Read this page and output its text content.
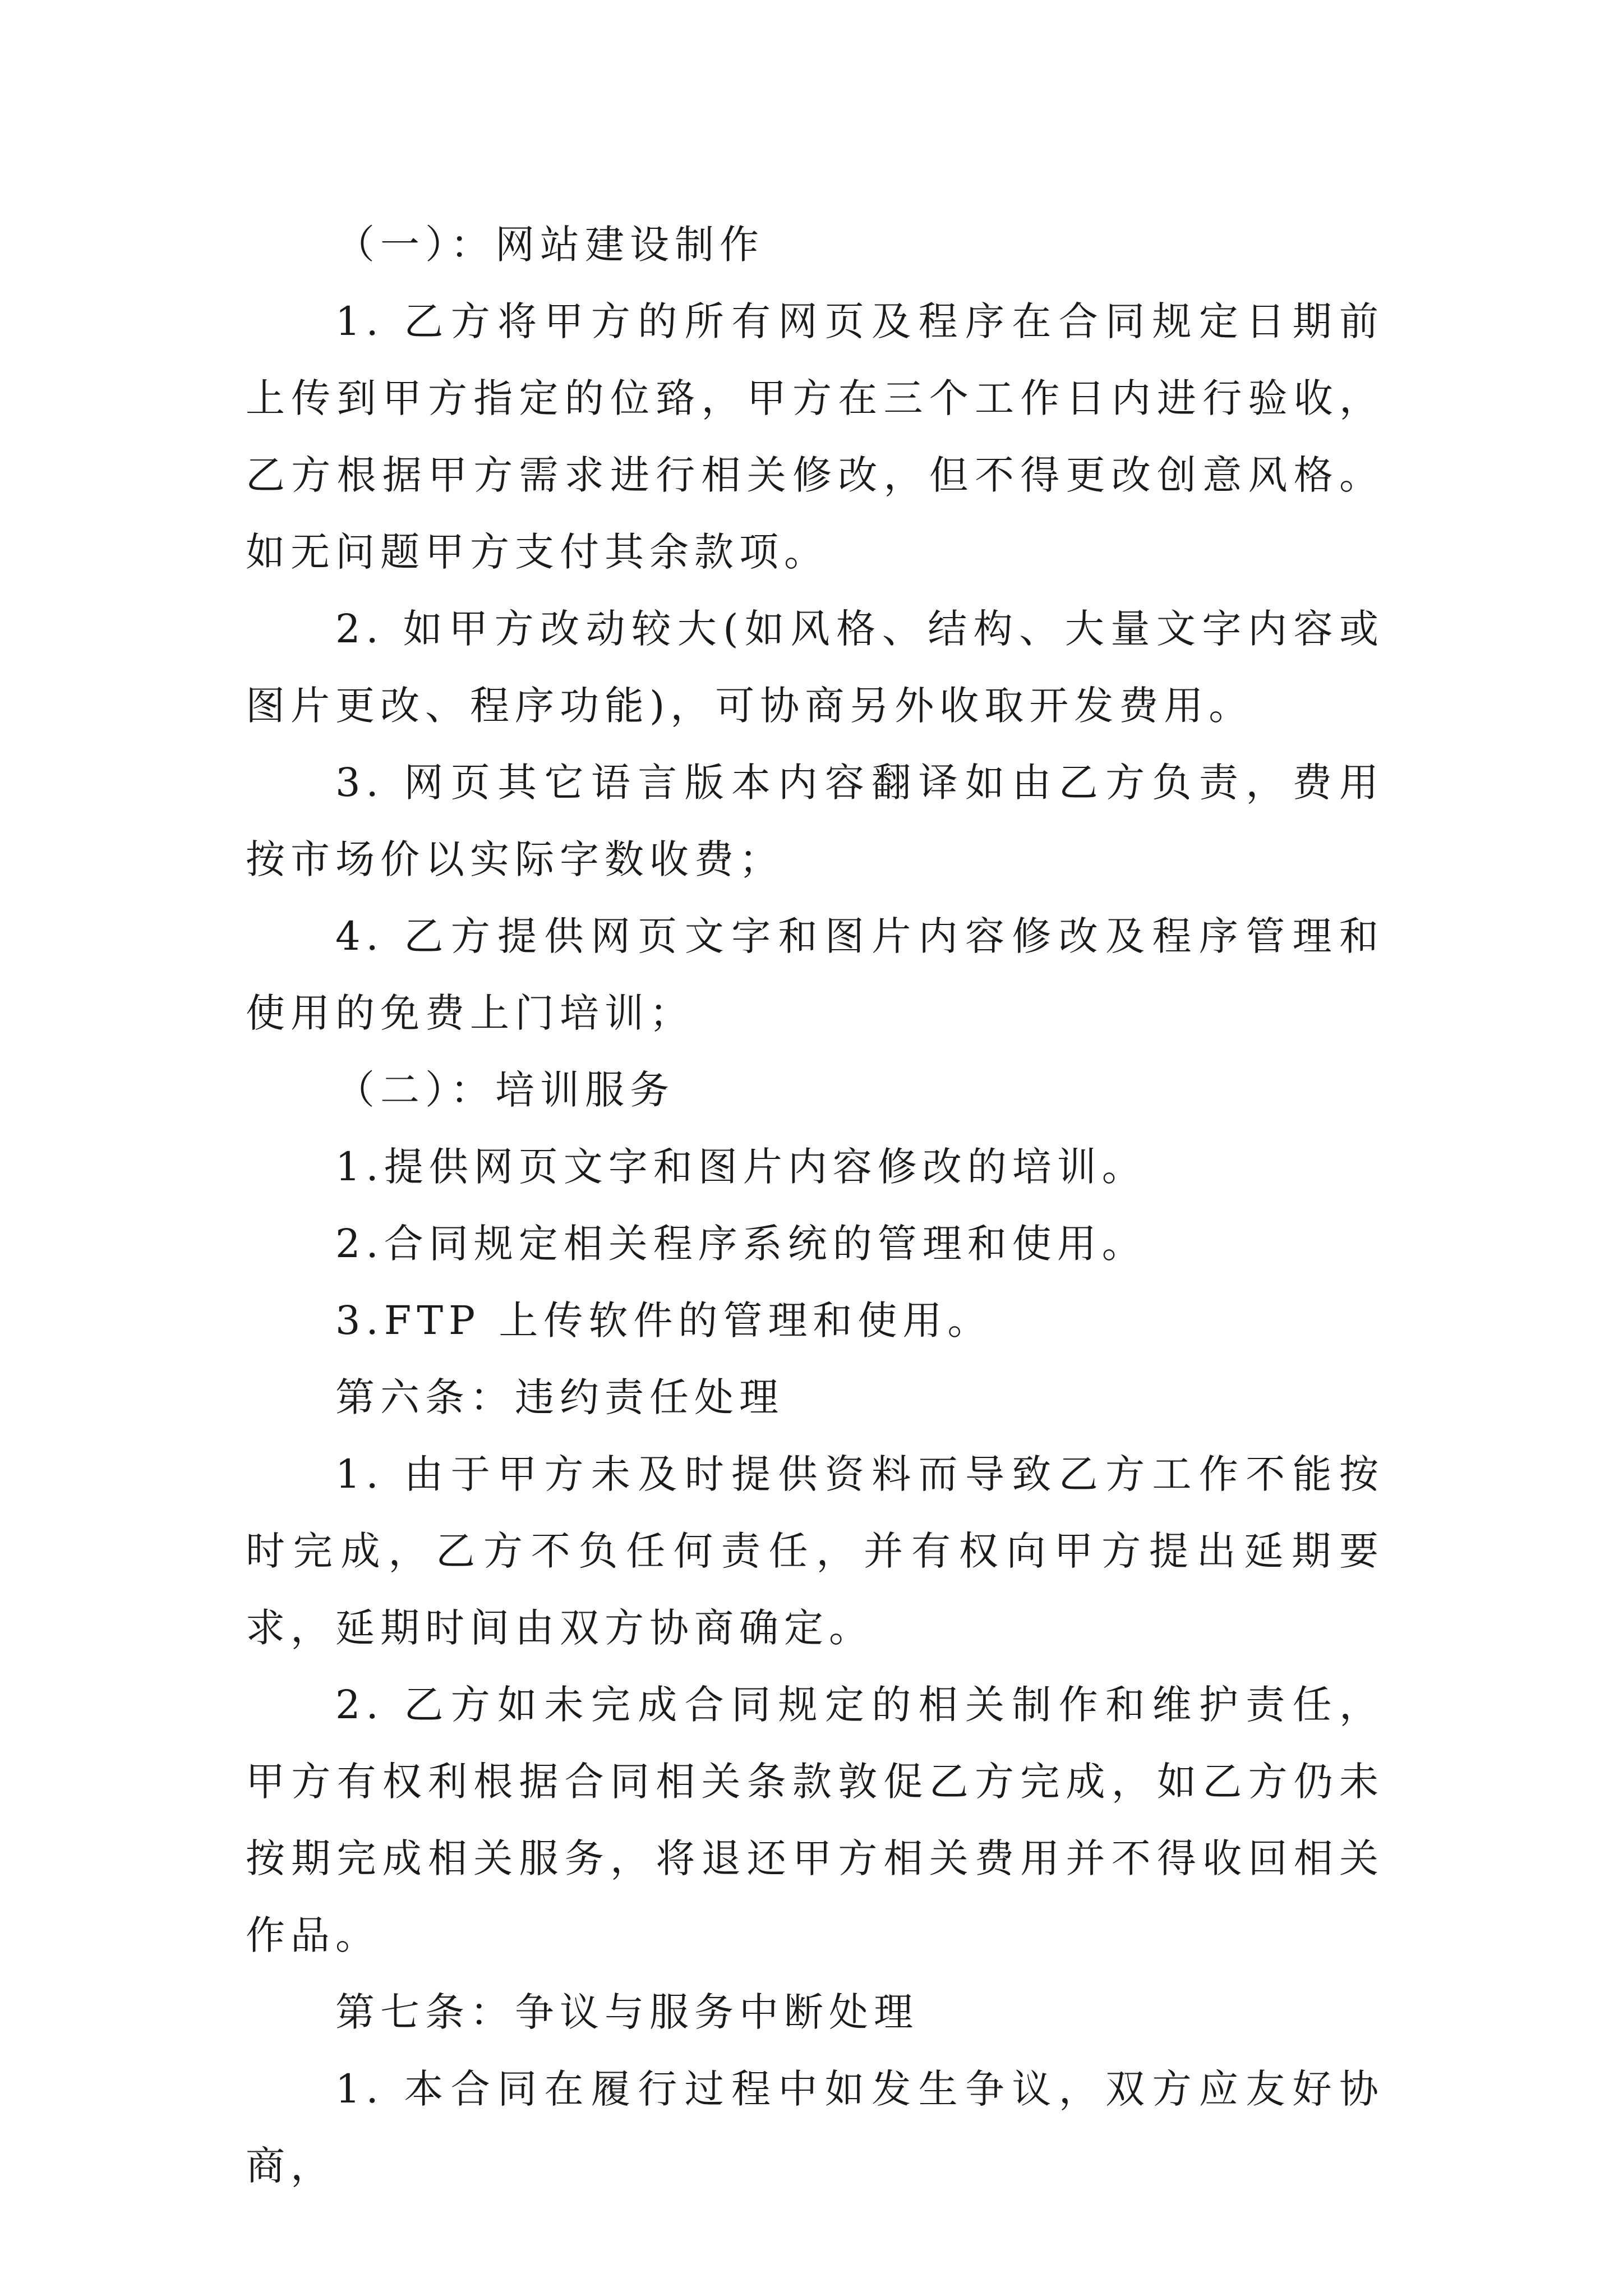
（一）：网站建设制作

1. 乙方将甲方的所有网页及程序在合同规定日期前上传到甲方指定的位臵，甲方在三个工作日内进行验收，乙方根据甲方需求进行相关修改，但不得更改创意风格。如无问题甲方支付其余款项。

2. 如甲方改动较大(如风格、结构、大量文字内容或图片更改、程序功能)，可协商另外收取开发费用。

3. 网页其它语言版本内容翻译如由乙方负责，费用按市场价以实际字数收费；

4. 乙方提供网页文字和图片内容修改及程序管理和使用的免费上门培训；

（二）：培训服务

1.提供网页文字和图片内容修改的培训。

2.合同规定相关程序系统的管理和使用。

3.FTP 上传软件的管理和使用。

第六条：违约责任处理

1. 由于甲方未及时提供资料而导致乙方工作不能按时完成，乙方不负任何责任，并有权向甲方提出延期要求，延期时间由双方协商确定。

2. 乙方如未完成合同规定的相关制作和维护责任，甲方有权利根据合同相关条款敦促乙方完成，如乙方仍未按期完成相关服务，将退还甲方相关费用并不得收回相关作品。

第七条：争议与服务中断处理

1. 本合同在履行过程中如发生争议，双方应友好协商，
